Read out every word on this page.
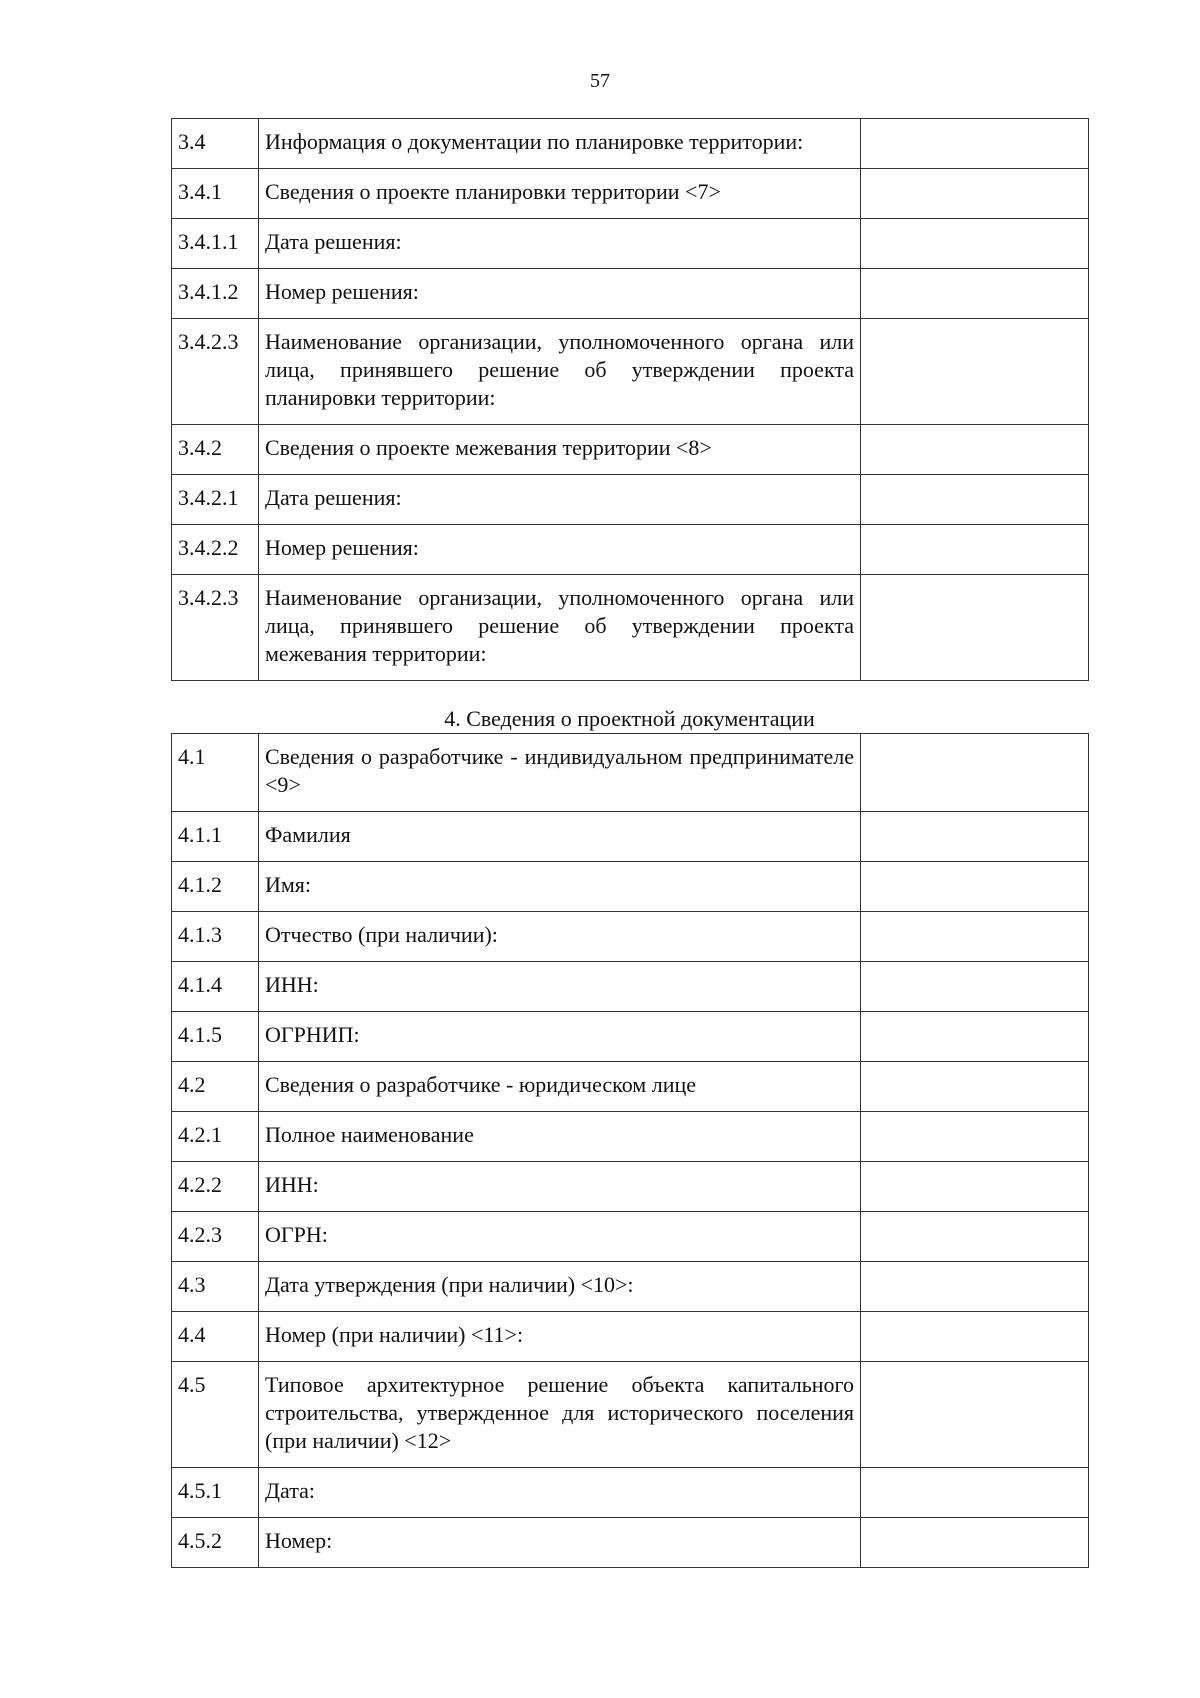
57
3.4	Информация о документации по планировке территории:	
3.4.1	Сведения о проекте планировки территории <7>	
3.4.1.1	Дата решения:	
3.4.1.2	Номер решения:	
3.4.2.3	Наименование организации, уполномоченного органа или лица, принявшего решение об утверждении проекта планировки территории:	
3.4.2	Сведения о проекте межевания территории <8>	
3.4.2.1	Дата решения:	
3.4.2.2	Номер решения:	
3.4.2.3	Наименование организации, уполномоченного органа или лица, принявшего решение об утверждении проекта межевания территории:	
4. Сведения о проектной документации
4.1	Сведения о разработчике - индивидуальном предпринимателе <9>	
4.1.1	Фамилия	
4.1.2	Имя:	
4.1.3	Отчество (при наличии):	
4.1.4	ИНН:	
4.1.5	ОГРНИП:	
4.2	Сведения о разработчике - юридическом лице	
4.2.1	Полное наименование	
4.2.2	ИНН:	
4.2.3	ОГРН:	
4.3	Дата утверждения (при наличии) <10>:	
4.4	Номер (при наличии) <11>:	
4.5	Типовое архитектурное решение объекта капитального строительства, утвержденное для исторического поселения (при наличии) <12>	
4.5.1	Дата:	
4.5.2	Номер:	
